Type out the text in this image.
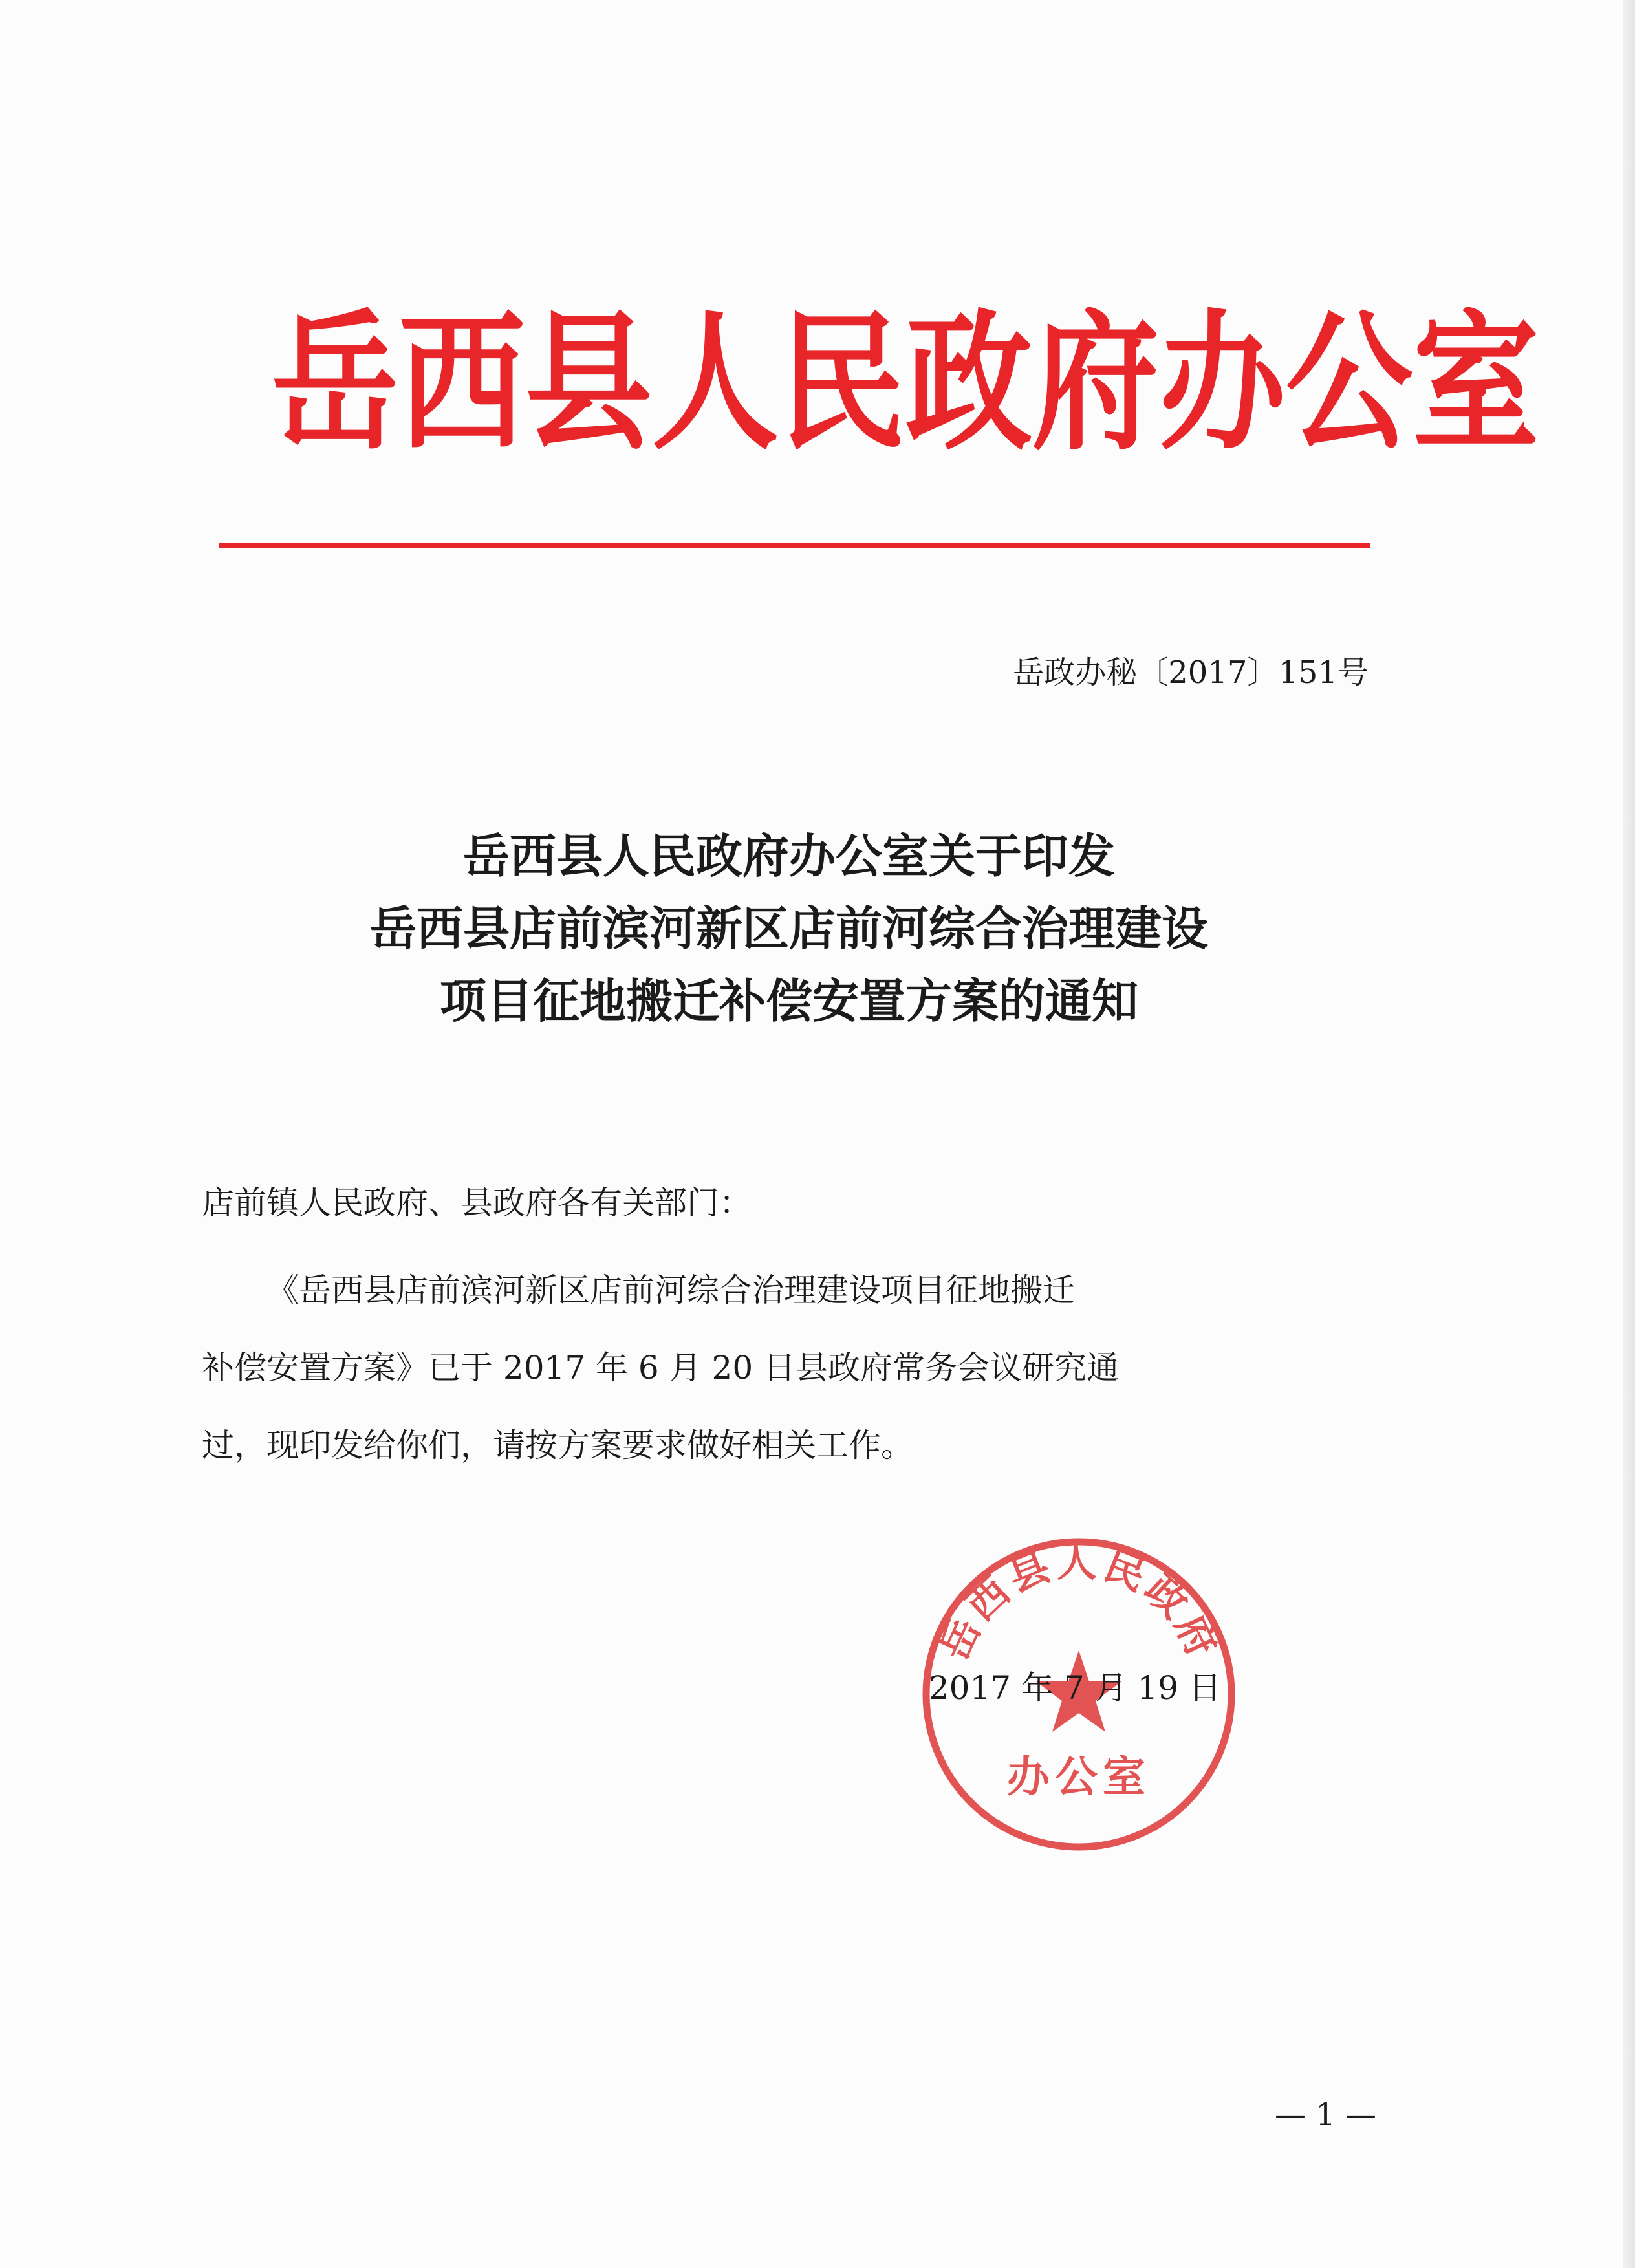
岳西县人民政府办公室
岳政办秘〔2017〕151号
岳西县人民政府办公室关于印发
岳西县店前滨河新区店前河综合治理建设
项目征地搬迁补偿安置方案的通知
店前镇人民政府、县政府各有关部门：
《岳西县店前滨河新区店前河综合治理建设项目征地搬迁
补偿安置方案》已于 2017 年 6 月 20 日县政府常务会议研究通
过，现印发给你们，请按方案要求做好相关工作。
岳西县人民政府
办公室
2017 年 7 月 19 日
— 1 —
